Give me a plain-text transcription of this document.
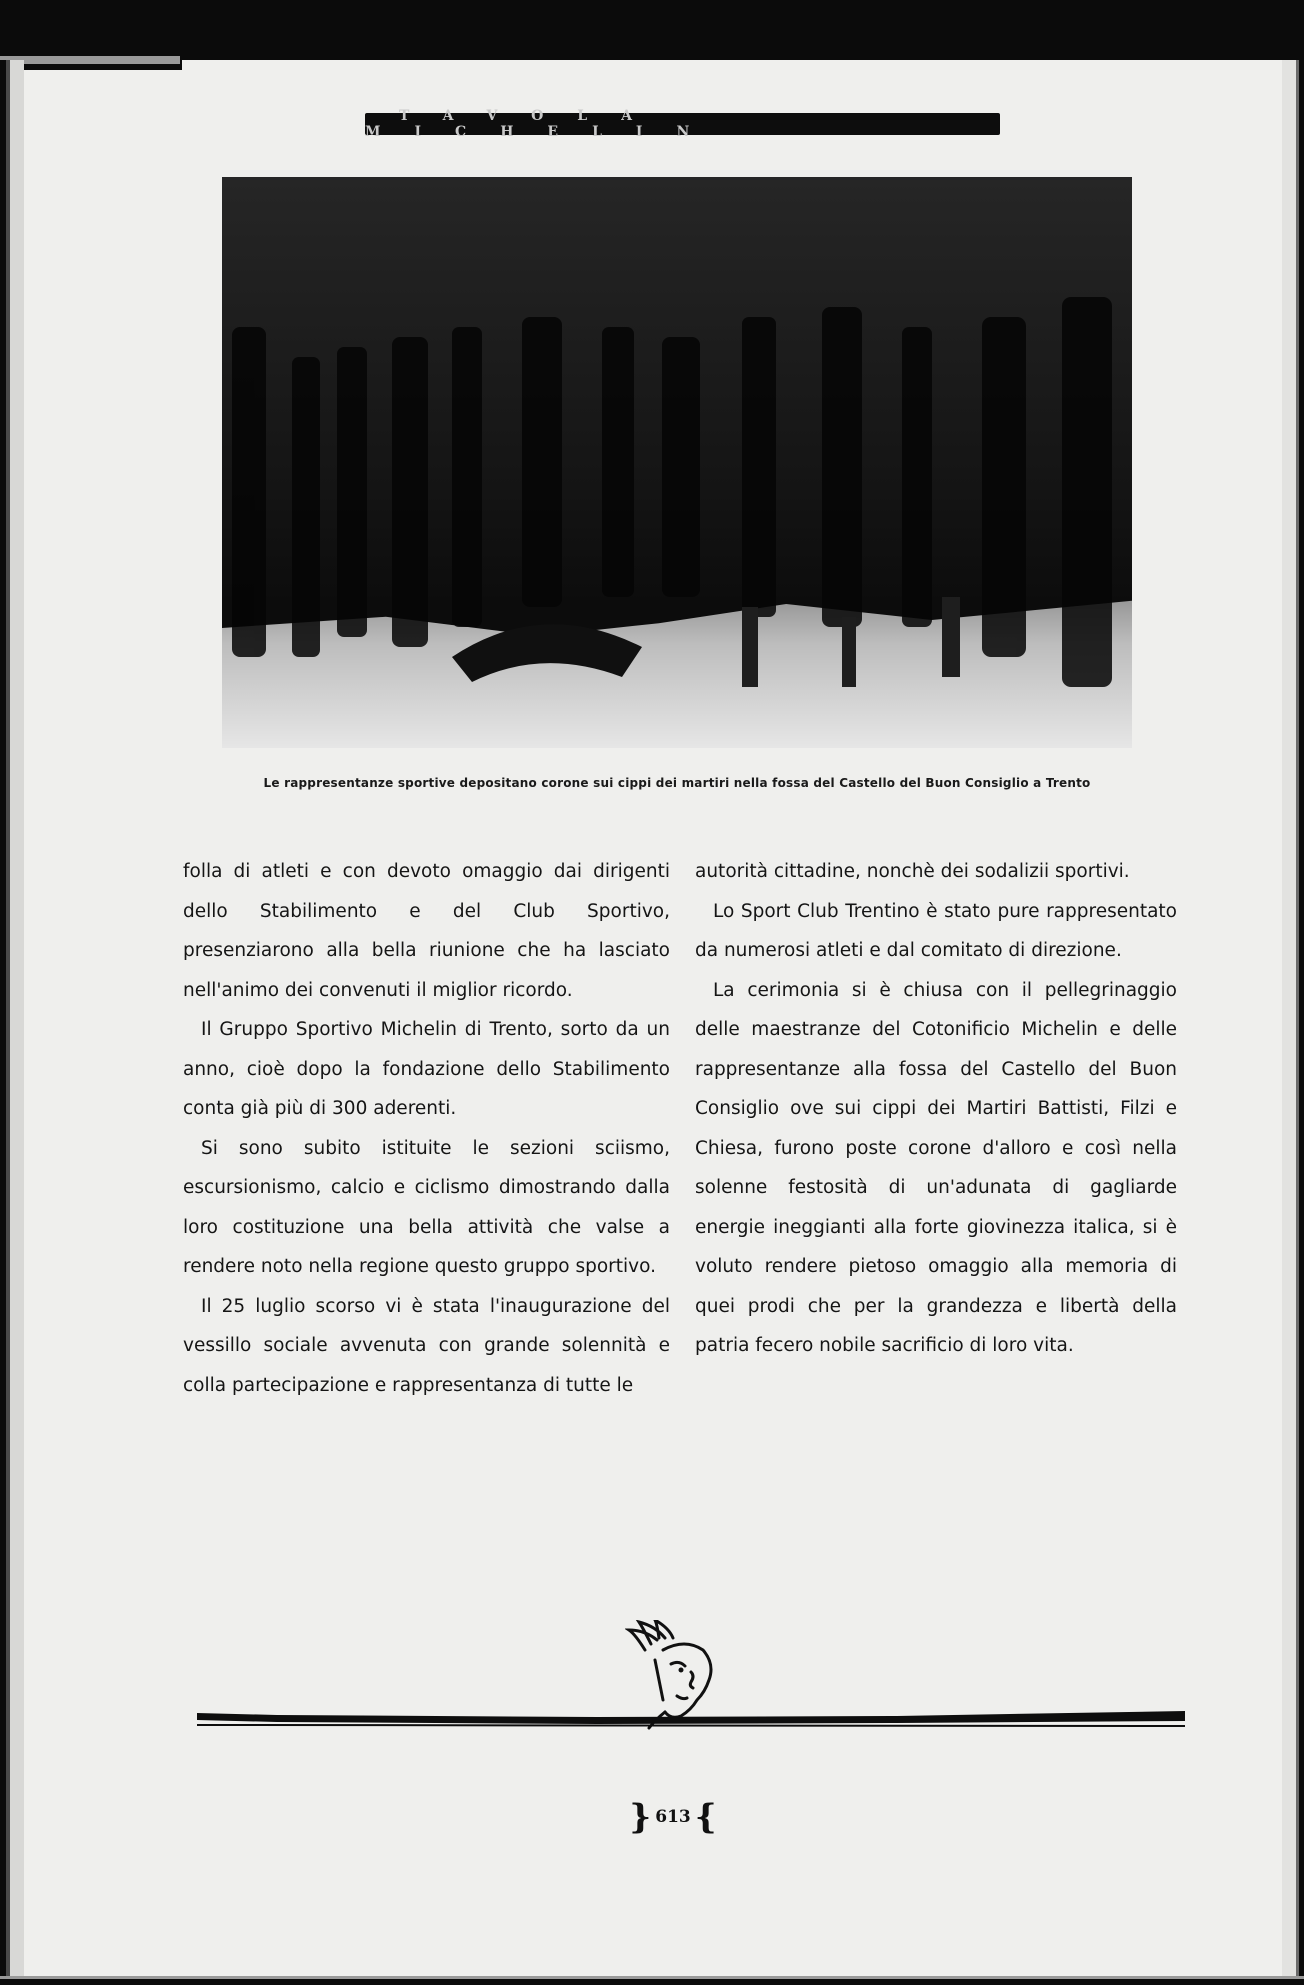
TAVOLA MICHELIN
Le rappresentanze sportive depositano corone sui cippi dei martiri nella fossa del Castello del Buon Consiglio a Trento

folla di atleti e con devoto omaggio dai dirigenti dello Stabilimento e del Club Sportivo, presenziarono alla bella riunione che ha lasciato nell'animo dei convenuti il miglior ricordo.

Il Gruppo Sportivo Michelin di Trento, sorto da un anno, cioè dopo la fondazione dello Stabilimento conta già più di 300 aderenti.

Si sono subito istituite le sezioni sciismo, escursionismo, calcio e ciclismo dimostrando dalla loro costituzione una bella attività che valse a rendere noto nella regione questo gruppo sportivo.

Il 25 luglio scorso vi è stata l'inaugurazione del vessillo sociale avvenuta con grande solennità e colla partecipazione e rappresentanza di tutte le

autorità cittadine, nonchè dei sodalizii sportivi.

Lo Sport Club Trentino è stato pure rappresentato da numerosi atleti e dal comitato di direzione.

La cerimonia si è chiusa con il pellegrinaggio delle maestranze del Cotonificio Michelin e delle rappresentanze alla fossa del Castello del Buon Consiglio ove sui cippi dei Martiri Battisti, Filzi e Chiesa, furono poste corone d'alloro e così nella solenne festosità di un'adunata di gagliarde energie ineggianti alla forte giovinezza italica, si è voluto rendere pietoso omaggio alla memoria di quei prodi che per la grandezza e libertà della patria fecero nobile sacrificio di loro vita.

} 613 {
